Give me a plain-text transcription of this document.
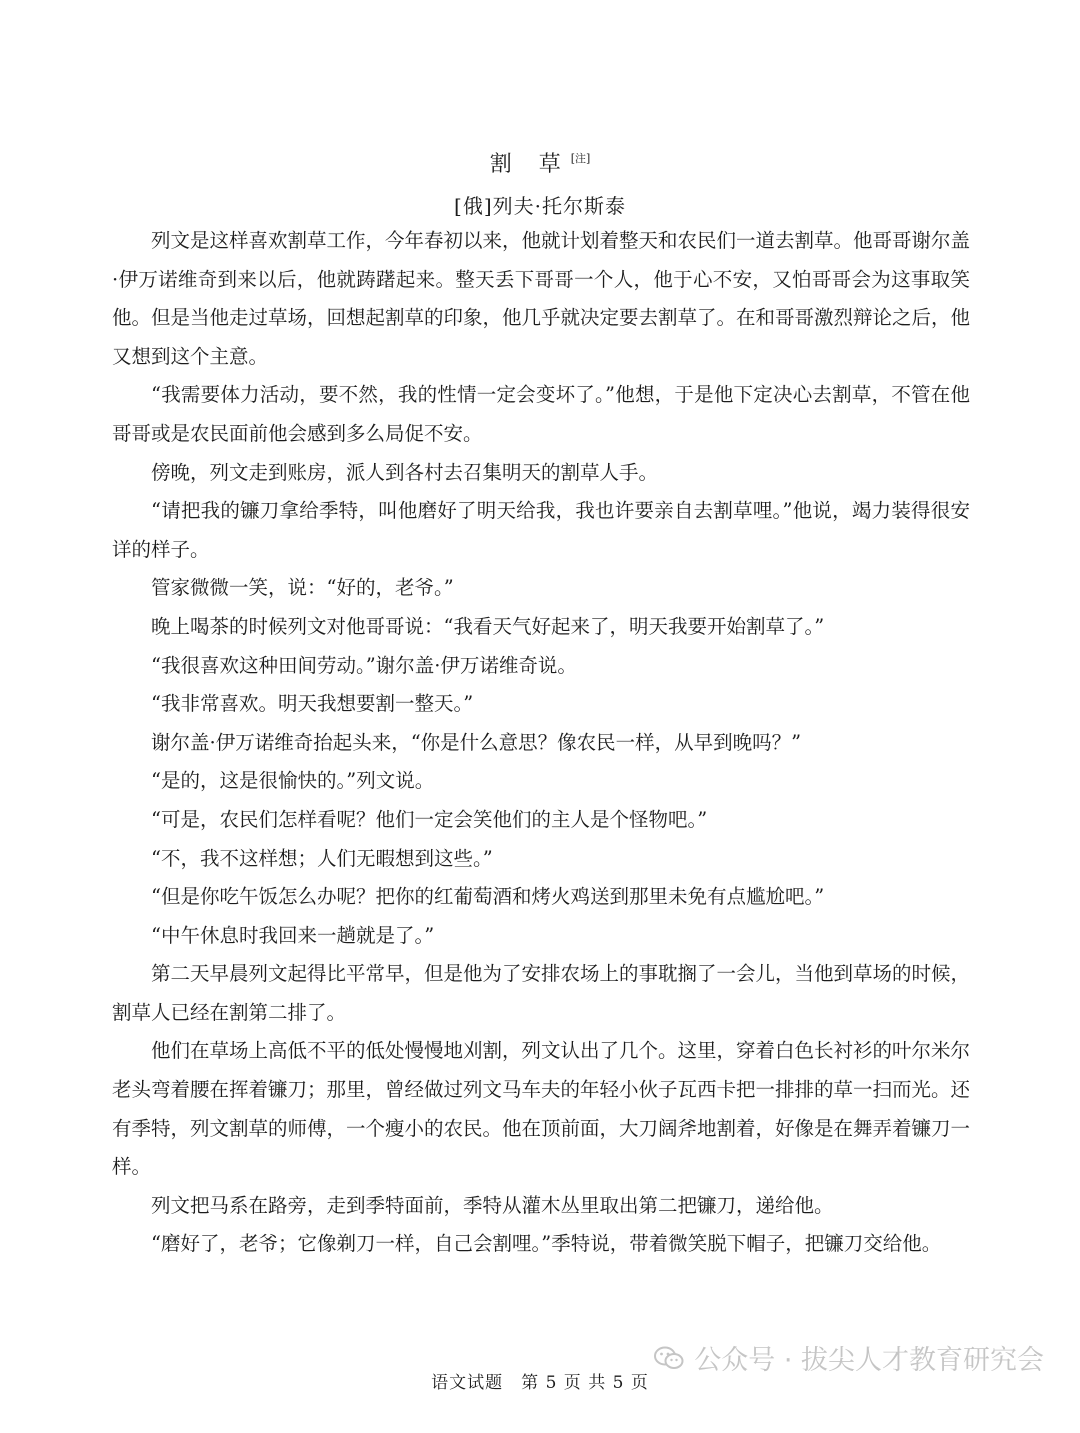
割 草[注]
[俄]列夫·托尔斯泰

列文是这样喜欢割草工作，今年春初以来，他就计划着整天和农民们一道去割草。他哥哥谢尔盖·伊万诺维奇到来以后，他就踌躇起来。整天丢下哥哥一个人，他于心不安，又怕哥哥会为这事取笑他。但是当他走过草场，回想起割草的印象，他几乎就决定要去割草了。在和哥哥激烈辩论之后，他又想到这个主意。

“我需要体力活动，要不然，我的性情一定会变坏了。”他想，于是他下定决心去割草，不管在他哥哥或是农民面前他会感到多么局促不安。

傍晚，列文走到账房，派人到各村去召集明天的割草人手。

“请把我的镰刀拿给季特，叫他磨好了明天给我，我也许要亲自去割草哩。”他说，竭力装得很安详的样子。

管家微微一笑，说：“好的，老爷。”

晚上喝茶的时候列文对他哥哥说：“我看天气好起来了，明天我要开始割草了。”

“我很喜欢这种田间劳动。”谢尔盖·伊万诺维奇说。

“我非常喜欢。明天我想要割一整天。”

谢尔盖·伊万诺维奇抬起头来，“你是什么意思？像农民一样，从早到晚吗？”

“是的，这是很愉快的。”列文说。

“可是，农民们怎样看呢？他们一定会笑他们的主人是个怪物吧。”

“不，我不这样想；人们无暇想到这些。”

“但是你吃午饭怎么办呢？把你的红葡萄酒和烤火鸡送到那里未免有点尴尬吧。”

“中午休息时我回来一趟就是了。”

第二天早晨列文起得比平常早，但是他为了安排农场上的事耽搁了一会儿，当他到草场的时候，割草人已经在割第二排了。

他们在草场上高低不平的低处慢慢地刈割，列文认出了几个。这里，穿着白色长衬衫的叶尔米尔老头弯着腰在挥着镰刀；那里，曾经做过列文马车夫的年轻小伙子瓦西卡把一排排的草一扫而光。还有季特，列文割草的师傅，一个瘦小的农民。他在顶前面，大刀阔斧地割着，好像是在舞弄着镰刀一样。

列文把马系在路旁，走到季特面前，季特从灌木丛里取出第二把镰刀，递给他。

“磨好了，老爷；它像剃刀一样，自己会割哩。”季特说，带着微笑脱下帽子，把镰刀交给他。

公众号 · 拔尖人才教育研究会
语文试题　第 5 页 共 5 页
